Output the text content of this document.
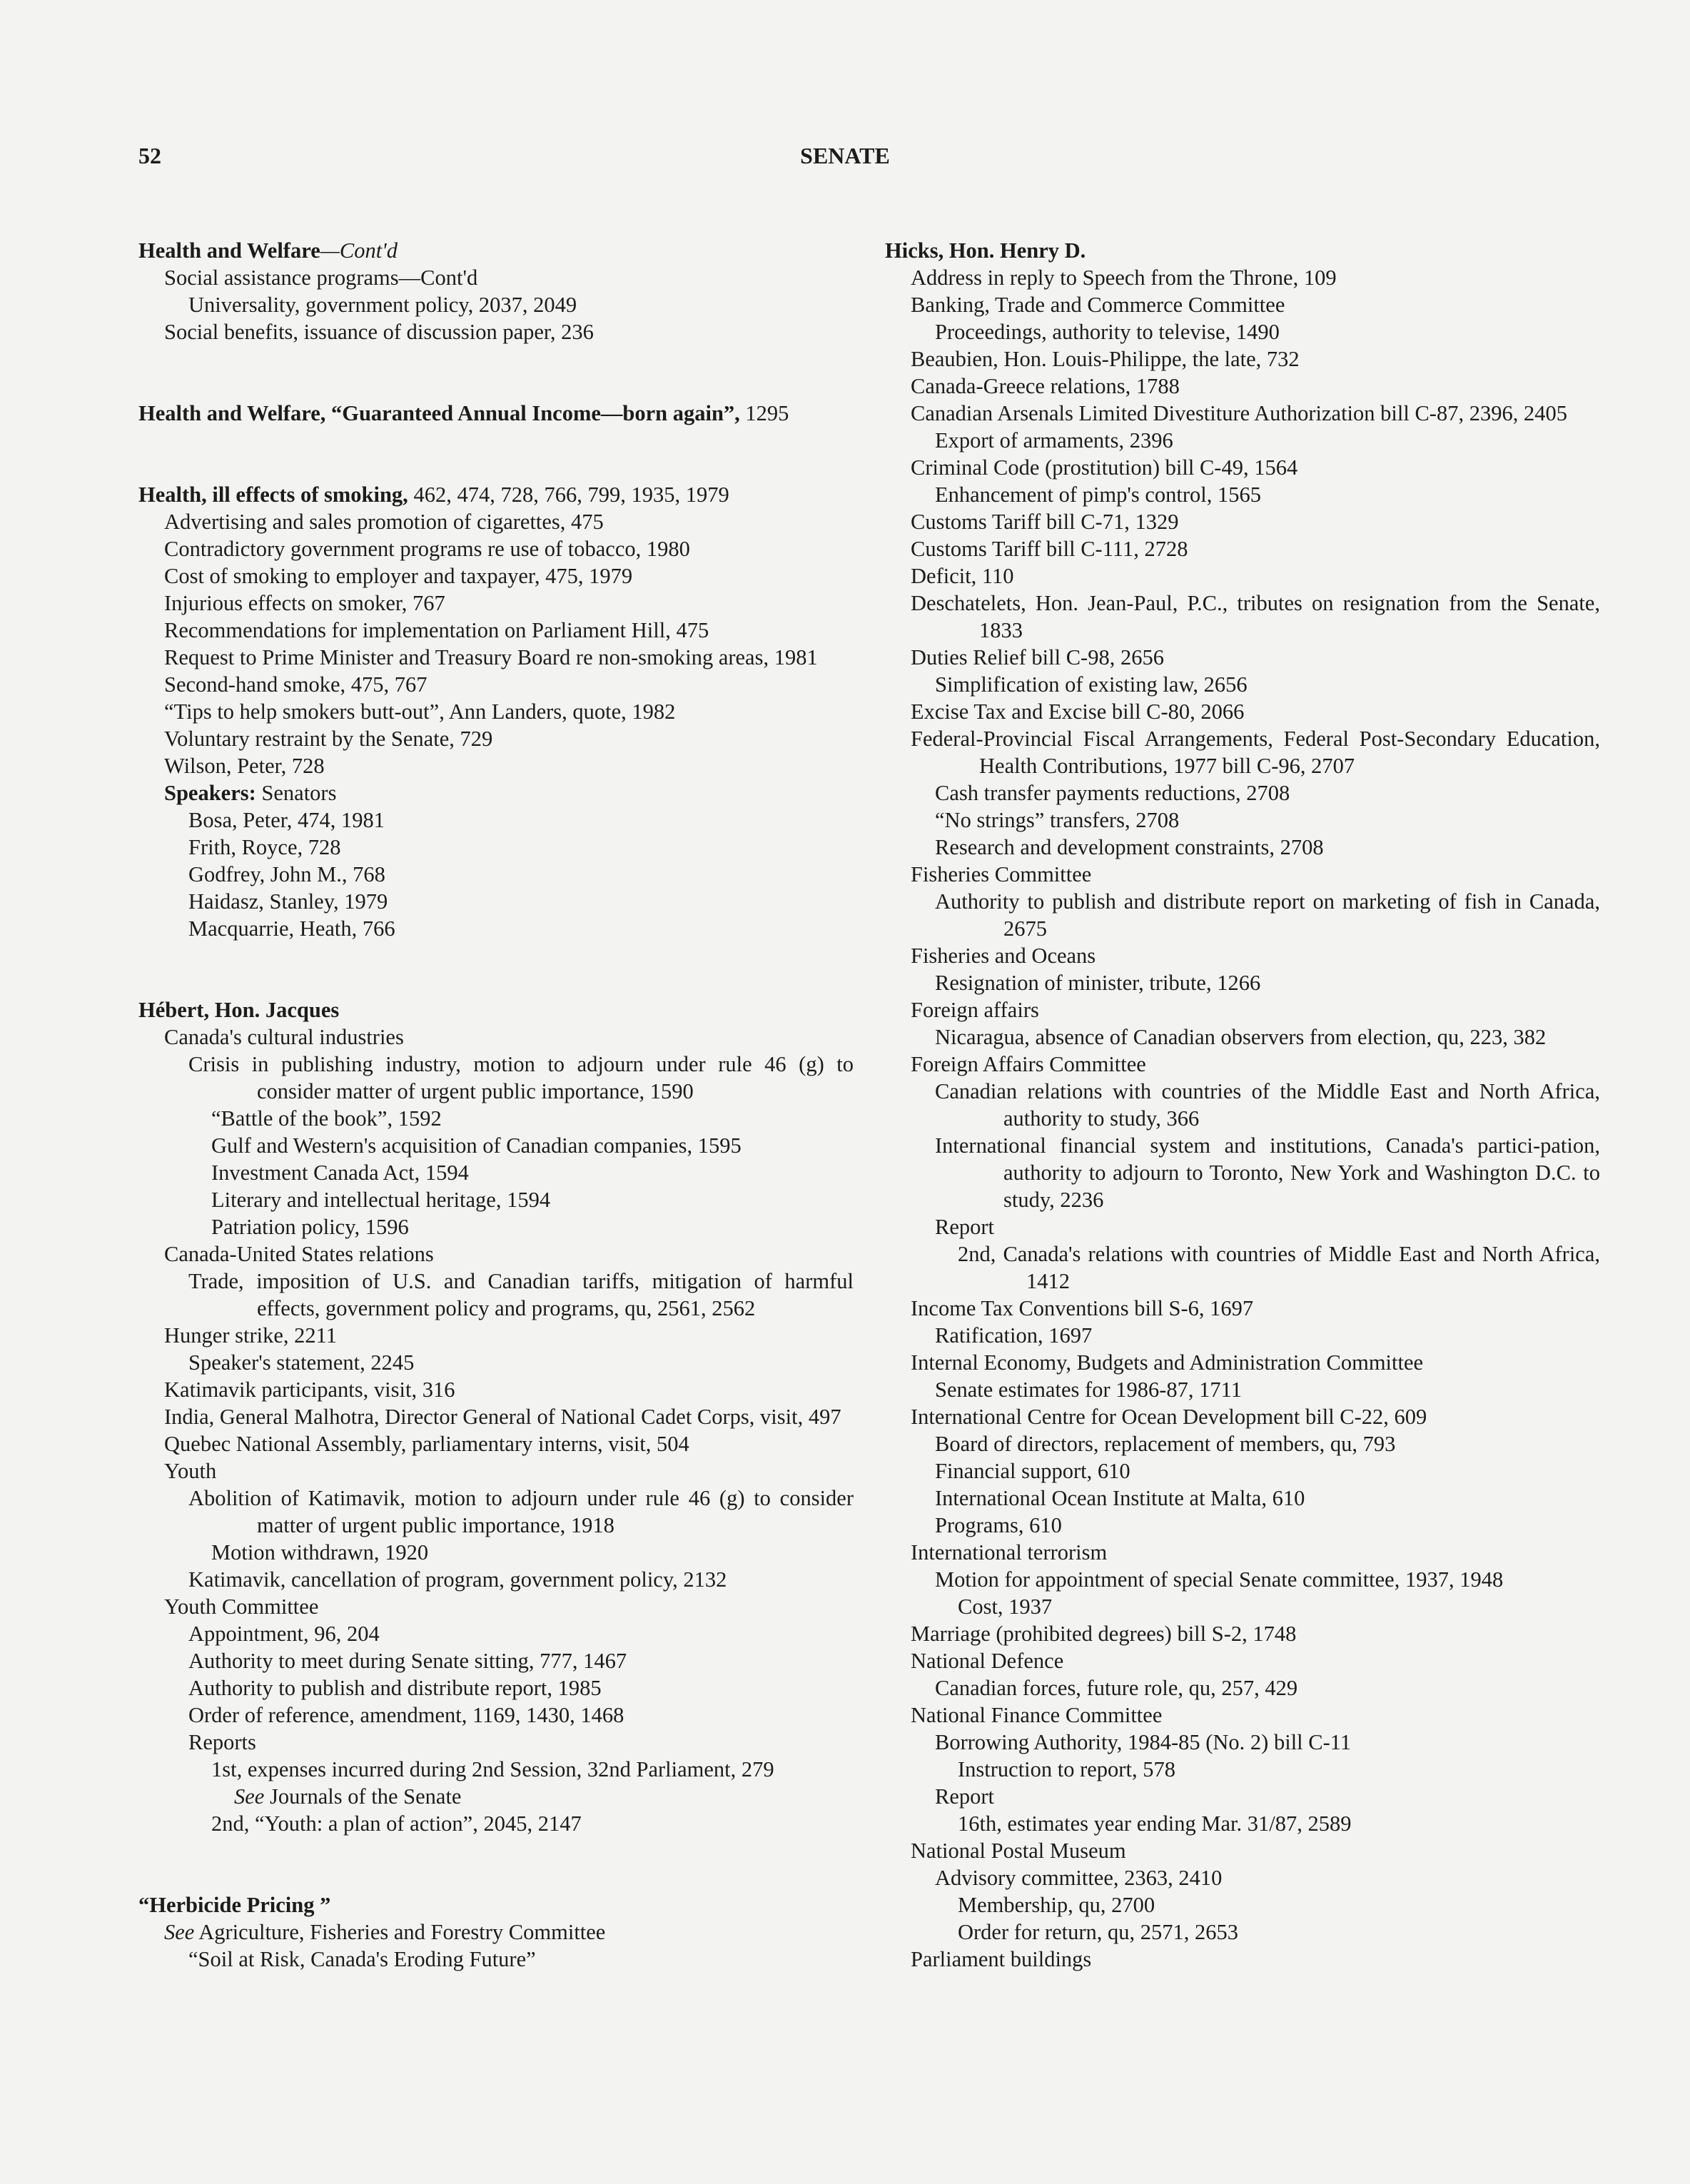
52	SENATE
Health and Welfare—Cont'd
Social assistance programs—Cont'd
Universality, government policy, 2037, 2049
Social benefits, issuance of discussion paper, 236
Health and Welfare, “Guaranteed Annual Income—born again”, 1295
Health, ill effects of smoking, 462, 474, 728, 766, 799, 1935, 1979
Advertising and sales promotion of cigarettes, 475
Contradictory government programs re use of tobacco, 1980
Cost of smoking to employer and taxpayer, 475, 1979
Injurious effects on smoker, 767
Recommendations for implementation on Parliament Hill, 475
Request to Prime Minister and Treasury Board re non-smoking areas, 1981
Second-hand smoke, 475, 767
“Tips to help smokers butt-out”, Ann Landers, quote, 1982
Voluntary restraint by the Senate, 729
Wilson, Peter, 728
Speakers: Senators
Bosa, Peter, 474, 1981
Frith, Royce, 728
Godfrey, John M., 768
Haidasz, Stanley, 1979
Macquarrie, Heath, 766
Hébert, Hon. Jacques
Canada's cultural industries
Crisis in publishing industry, motion to adjourn under rule 46 (g) to consider matter of urgent public importance, 1590
“Battle of the book”, 1592
Gulf and Western's acquisition of Canadian companies, 1595
Investment Canada Act, 1594
Literary and intellectual heritage, 1594
Patriation policy, 1596
Canada-United States relations
Trade, imposition of U.S. and Canadian tariffs, mitigation of harmful effects, government policy and programs, qu, 2561, 2562
Hunger strike, 2211
Speaker's statement, 2245
Katimavik participants, visit, 316
India, General Malhotra, Director General of National Cadet Corps, visit, 497
Quebec National Assembly, parliamentary interns, visit, 504
Youth
Abolition of Katimavik, motion to adjourn under rule 46 (g) to consider matter of urgent public importance, 1918
Motion withdrawn, 1920
Katimavik, cancellation of program, government policy, 2132
Youth Committee
Appointment, 96, 204
Authority to meet during Senate sitting, 777, 1467
Authority to publish and distribute report, 1985
Order of reference, amendment, 1169, 1430, 1468
Reports
1st, expenses incurred during 2nd Session, 32nd Parliament, 279
See Journals of the Senate
2nd, “Youth: a plan of action”, 2045, 2147
“Herbicide Pricing ”
See Agriculture, Fisheries and Forestry Committee
“Soil at Risk, Canada's Eroding Future”
Hicks, Hon. Henry D.
Address in reply to Speech from the Throne, 109
Banking, Trade and Commerce Committee
Proceedings, authority to televise, 1490
Beaubien, Hon. Louis-Philippe, the late, 732
Canada-Greece relations, 1788
Canadian Arsenals Limited Divestiture Authorization bill C-87, 2396, 2405
Export of armaments, 2396
Criminal Code (prostitution) bill C-49, 1564
Enhancement of pimp's control, 1565
Customs Tariff bill C-71, 1329
Customs Tariff bill C-111, 2728
Deficit, 110
Deschatelets, Hon. Jean-Paul, P.C., tributes on resignation from the Senate, 1833
Duties Relief bill C-98, 2656
Simplification of existing law, 2656
Excise Tax and Excise bill C-80, 2066
Federal-Provincial Fiscal Arrangements, Federal Post-Secondary Education, Health Contributions, 1977 bill C-96, 2707
Cash transfer payments reductions, 2708
“No strings” transfers, 2708
Research and development constraints, 2708
Fisheries Committee
Authority to publish and distribute report on marketing of fish in Canada, 2675
Fisheries and Oceans
Resignation of minister, tribute, 1266
Foreign affairs
Nicaragua, absence of Canadian observers from election, qu, 223, 382
Foreign Affairs Committee
Canadian relations with countries of the Middle East and North Africa, authority to study, 366
International financial system and institutions, Canada's partici-pation, authority to adjourn to Toronto, New York and Washington D.C. to study, 2236
Report
2nd, Canada's relations with countries of Middle East and North Africa, 1412
Income Tax Conventions bill S-6, 1697
Ratification, 1697
Internal Economy, Budgets and Administration Committee
Senate estimates for 1986-87, 1711
International Centre for Ocean Development bill C-22, 609
Board of directors, replacement of members, qu, 793
Financial support, 610
International Ocean Institute at Malta, 610
Programs, 610
International terrorism
Motion for appointment of special Senate committee, 1937, 1948
Cost, 1937
Marriage (prohibited degrees) bill S-2, 1748
National Defence
Canadian forces, future role, qu, 257, 429
National Finance Committee
Borrowing Authority, 1984-85 (No. 2) bill C-11
Instruction to report, 578
Report
16th, estimates year ending Mar. 31/87, 2589
National Postal Museum
Advisory committee, 2363, 2410
Membership, qu, 2700
Order for return, qu, 2571, 2653
Parliament buildings
